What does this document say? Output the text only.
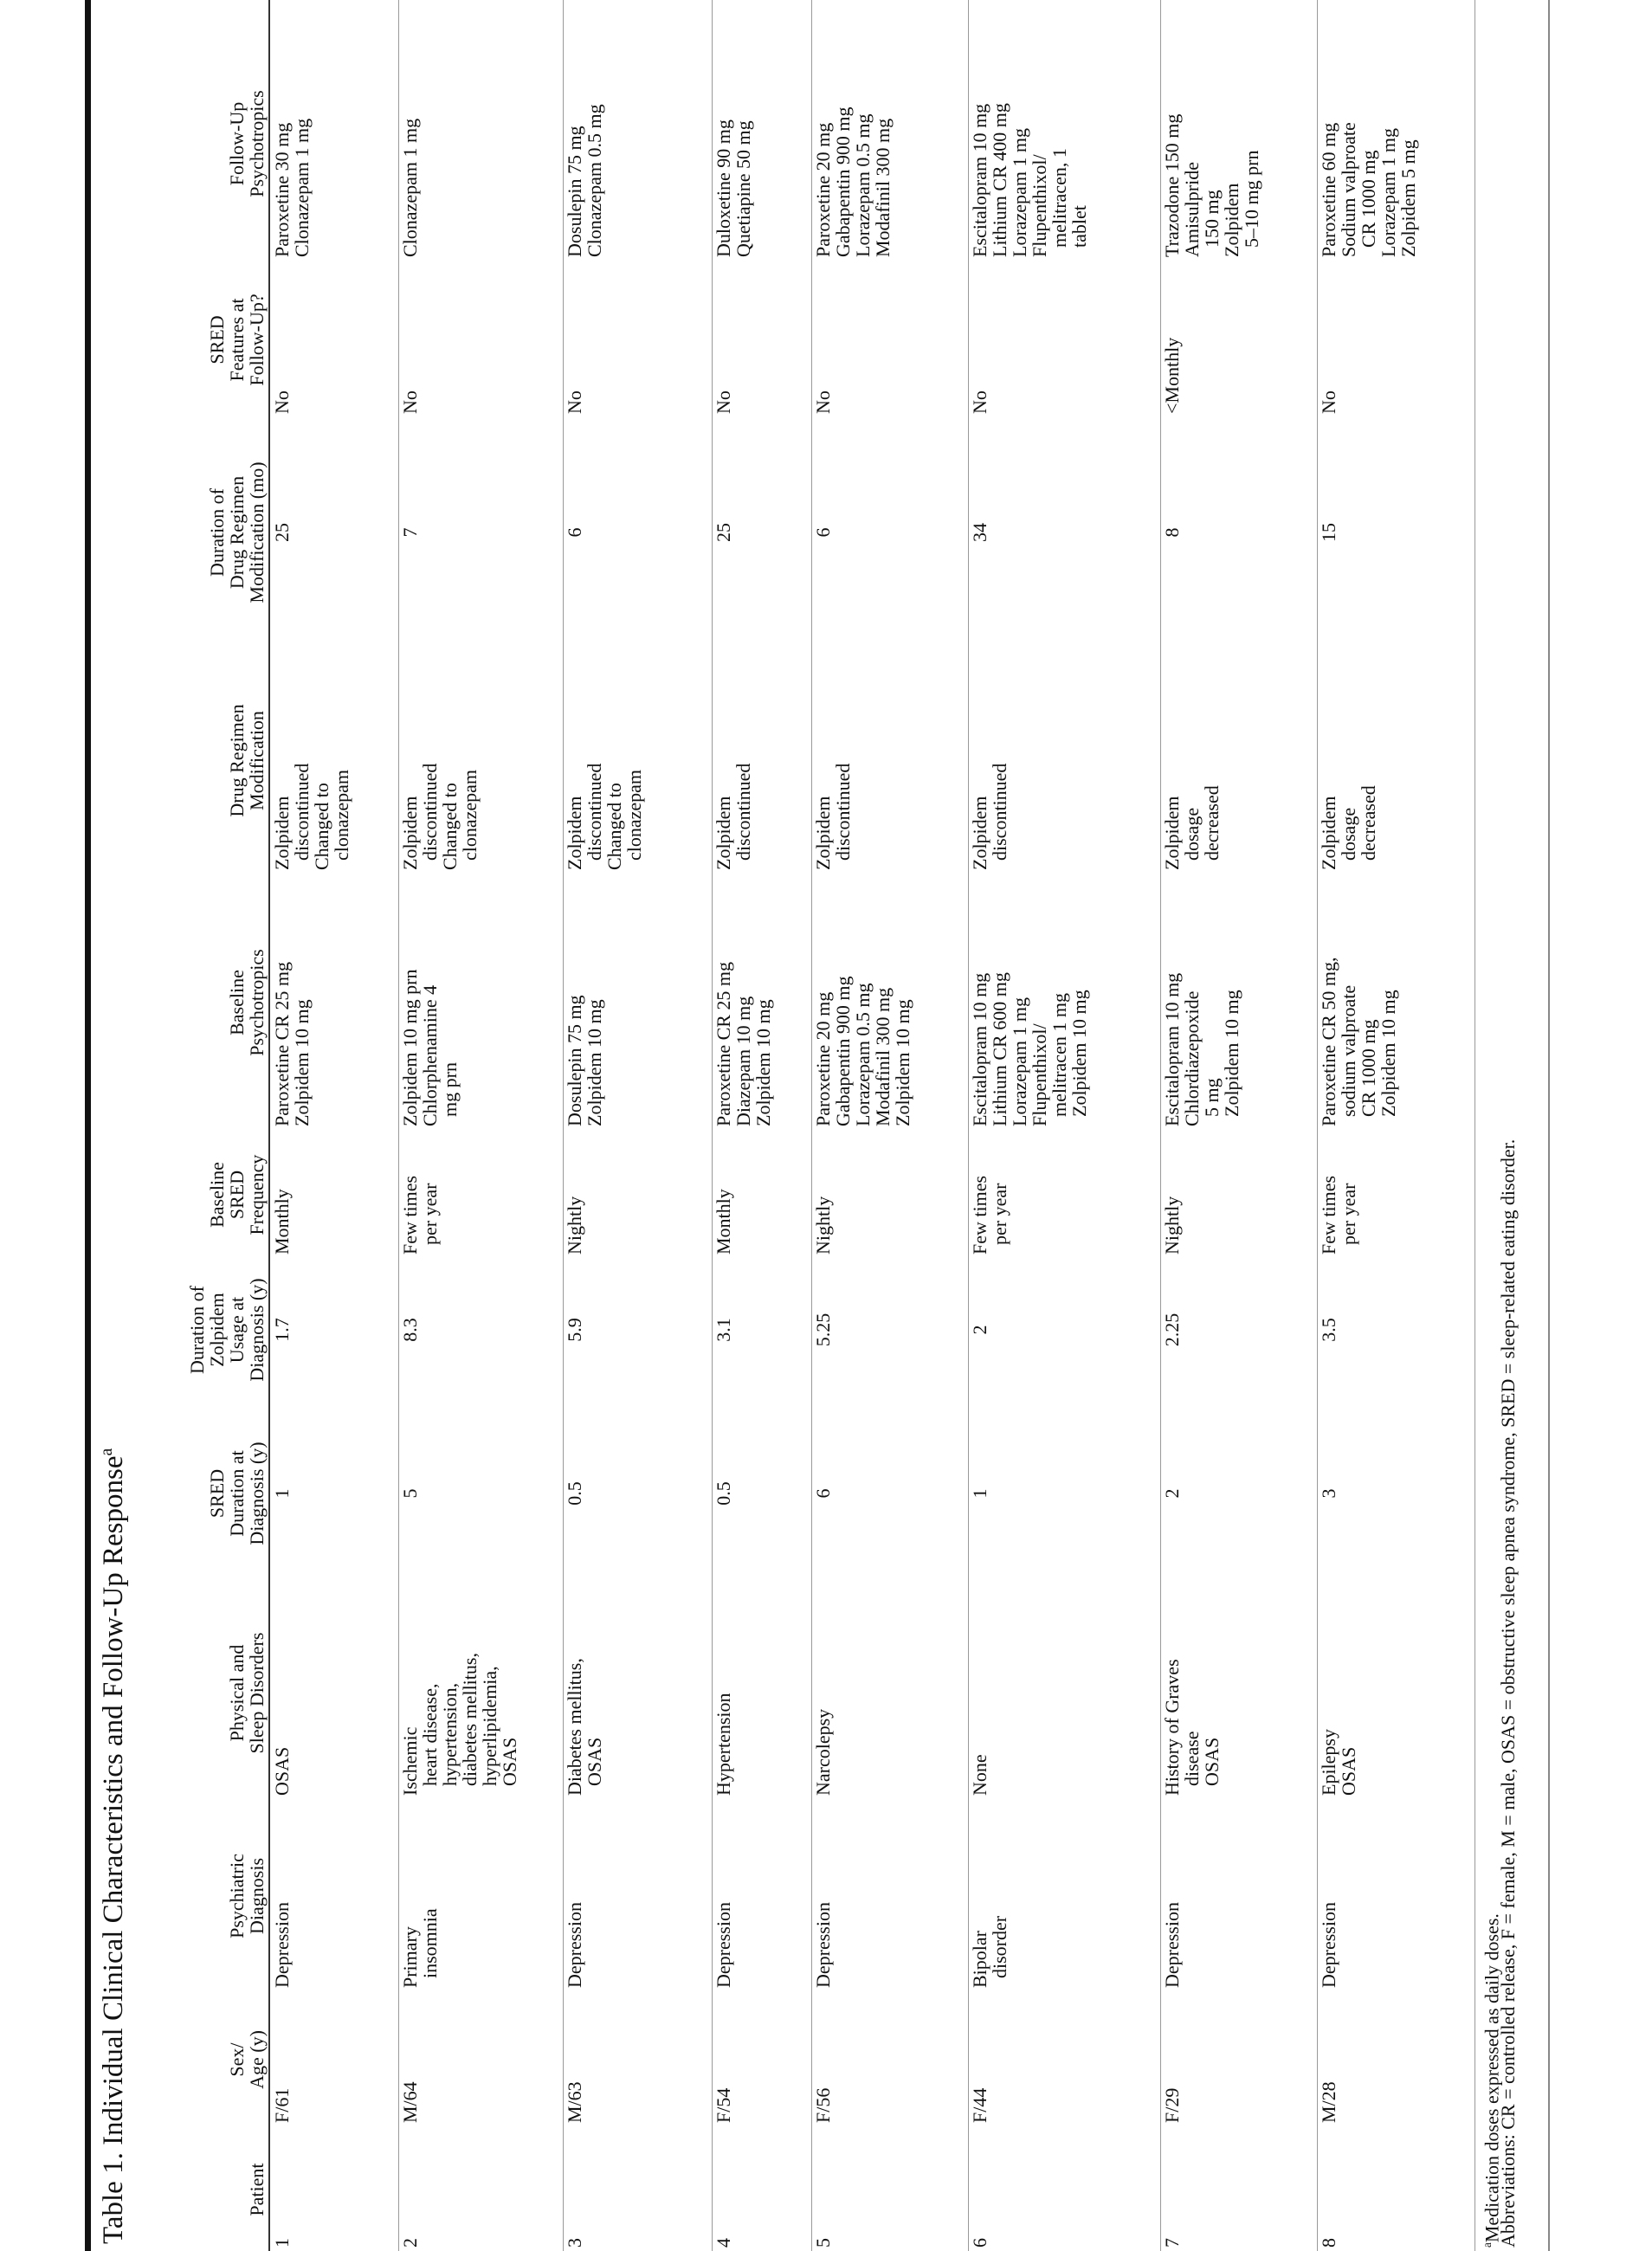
Table 1. Individual Clinical Characteristics and Follow-Up Response$^a$
Patient
Sex/
Age (y)
Psychiatric
Diagnosis
Physical and
Sleep Disorders
SRED
Duration at
Diagnosis (y)
Duration of
Zolpidem
Usage at
Diagnosis (y)
Baseline
SRED
Frequency
Baseline
Psychotropics
Drug Regimen
Modification
Duration of
Drug Regimen
Modification (mo)
SRED
Features at
Follow-Up?
Follow-Up
Psychotropics
1
F/61
Depression
OSAS
1
1.7
Monthly
Paroxetine CR 25 mg
Zolpidem 10 mg
Zolpidem
discontinued
Changed to
clonazepam
25
No
Paroxetine 30 mg
Clonazepam 1 mg
2
M/64
Primary
insomnia
Ischemic
heart disease,
hypertension,
diabetes mellitus,
hyperlipidemia,
OSAS
5
8.3
Few times
per year
Zolpidem 10 mg prn
Chlorphenamine 4
mg prn
Zolpidem
discontinued
Changed to
clonazepam
7
No
Clonazepam 1 mg
3
M/63
Depression
Diabetes mellitus,
OSAS
0.5
5.9
Nightly
Dosulepin 75 mg
Zolpidem 10 mg
Zolpidem
discontinued
Changed to
clonazepam
6
No
Dosulepin 75 mg
Clonazepam 0.5 mg
4
F/54
Depression
Hypertension
0.5
3.1
Monthly
Paroxetine CR 25 mg
Diazepam 10 mg
Zolpidem 10 mg
Zolpidem
discontinued
25
No
Duloxetine 90 mg
Quetiapine 50 mg
5
F/56
Depression
Narcolepsy
6
5.25
Nightly
Paroxetine 20 mg
Gabapentin 900 mg
Lorazepam 0.5 mg
Modafinil 300 mg
Zolpidem 10 mg
Zolpidem
discontinued
6
No
Paroxetine 20 mg
Gabapentin 900 mg
Lorazepam 0.5 mg
Modafinil 300 mg
6
F/44
Bipolar
disorder
None
1
2
Few times
per year
Escitalopram 10 mg
Lithium CR 600 mg
Lorazepam 1 mg
Flupenthixol/
melitracen 1 mg
Zolpidem 10 mg
Zolpidem
discontinued
34
No
Escitalopram 10 mg
Lithium CR 400 mg
Lorazepam 1 mg
Flupenthixol/
melitracen, 1
tablet
7
F/29
Depression
History of Graves
disease
OSAS
2
2.25
Nightly
Escitalopram 10 mg
Chlordiazepoxide
5 mg
Zolpidem 10 mg
Zolpidem
dosage
decreased
8
<Monthly
Trazodone 150 mg
Amisulpride
150 mg
Zolpidem
5–10 mg prn
8
M/28
Depression
Epilepsy
OSAS
3
3.5
Few times
per year
Paroxetine CR 50 mg,
sodium valproate
CR 1000 mg
Zolpidem 10 mg
Zolpidem
dosage
decreased
15
No
Paroxetine 60 mg
Sodium valproate
CR 1000 mg
Lorazepam 1 mg
Zolpidem 5 mg
$^a$Medication doses expressed as daily doses.
Abbreviations: CR = controlled release, F = female, M = male, OSAS = obstructive sleep apnea syndrome, SRED = sleep-related eating disorder.
